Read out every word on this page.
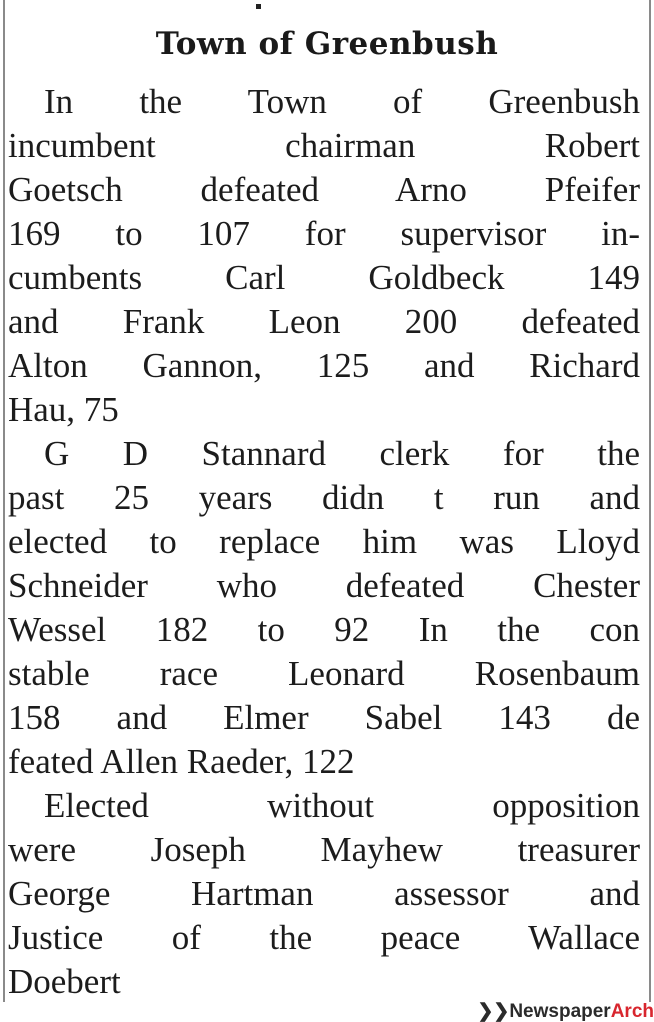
Town of Greenbush
In the Town of Greenbush
incumbent chairman Robert
Goetsch defeated Arno Pfeifer
169 to 107 for supervisor in-
cumbents Carl Goldbeck 149
and Frank Leon 200 defeated
Alton Gannon, 125 and Richard
Hau, 75
G D Stannard clerk for the
past 25 years didn t run and
elected to replace him was Lloyd
Schneider who defeated Chester
Wessel 182 to 92 In the con
stable race Leonard Rosenbaum
158 and Elmer Sabel 143 de
feated Allen Raeder, 122
Elected without opposition
were Joseph Mayhew treasurer
George Hartman assessor and
Justice of the peace Wallace
Doebert
❯❯NewspaperArch
